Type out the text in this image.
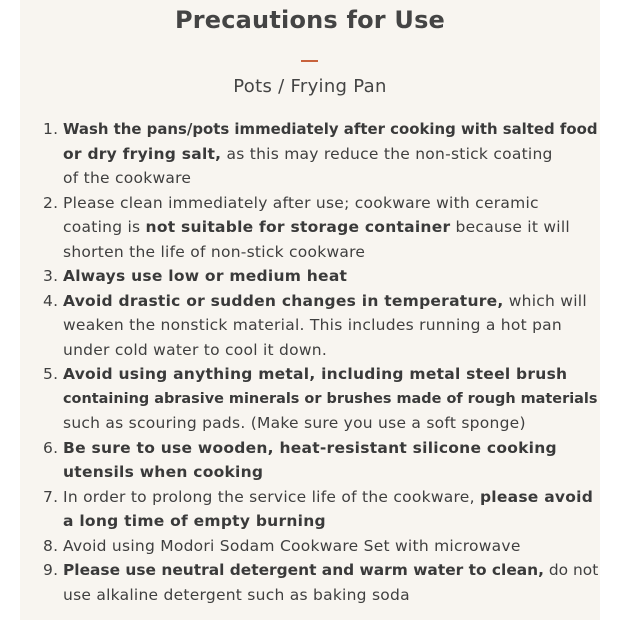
Precautions for Use
Pots / Frying Pan
1. Wash the pans/pots immediately after cooking with salted food
or dry frying salt, as this may reduce the non-stick coating
of the cookware
2. Please clean immediately after use; cookware with ceramic
coating is not suitable for storage container because it will
shorten the life of non-stick cookware
3. Always use low or medium heat
4. Avoid drastic or sudden changes in temperature, which will
weaken the nonstick material. This includes running a hot pan
under cold water to cool it down.
5. Avoid using anything metal, including metal steel brush
containing abrasive minerals or brushes made of rough materials
such as scouring pads. (Make sure you use a soft sponge)
6. Be sure to use wooden, heat-resistant silicone cooking
utensils when cooking
7. In order to prolong the service life of the cookware, please avoid
a long time of empty burning
8. Avoid using Modori Sodam Cookware Set with microwave
9. Please use neutral detergent and warm water to clean, do not
use alkaline detergent such as baking soda
